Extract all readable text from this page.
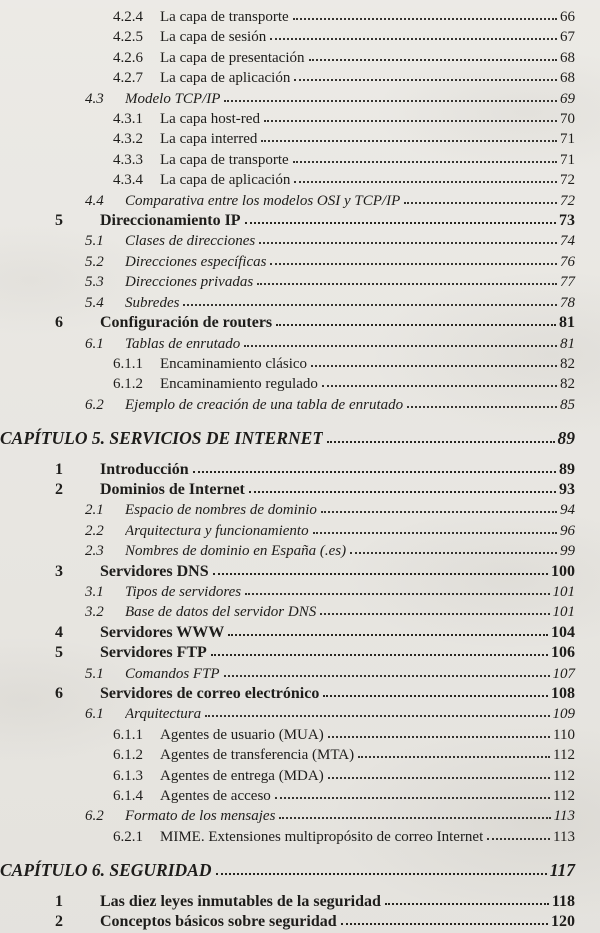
4.2.4	La capa de transporte	66
4.2.5	La capa de sesión	67
4.2.6	La capa de presentación	68
4.2.7	La capa de aplicación	68
4.3	Modelo TCP/IP	69
4.3.1	La capa host-red	70
4.3.2	La capa interred	71
4.3.3	La capa de transporte	71
4.3.4	La capa de aplicación	72
4.4	Comparativa entre los modelos OSI y TCP/IP	72
5	Direccionamiento IP	73
5.1	Clases de direcciones	74
5.2	Direcciones específicas	76
5.3	Direcciones privadas	77
5.4	Subredes	78
6	Configuración de routers	81
6.1	Tablas de enrutado	81
6.1.1	Encaminamiento clásico	82
6.1.2	Encaminamiento regulado	82
6.2	Ejemplo de creación de una tabla de enrutado	85
CAPÍTULO 5. SERVICIOS DE INTERNET	89
1	Introducción	89
2	Dominios de Internet	93
2.1	Espacio de nombres de dominio	94
2.2	Arquitectura y funcionamiento	96
2.3	Nombres de dominio en España (.es)	99
3	Servidores DNS	100
3.1	Tipos de servidores	101
3.2	Base de datos del servidor DNS	101
4	Servidores WWW	104
5	Servidores FTP	106
5.1	Comandos FTP	107
6	Servidores de correo electrónico	108
6.1	Arquitectura	109
6.1.1	Agentes de usuario (MUA)	110
6.1.2	Agentes de transferencia (MTA)	112
6.1.3	Agentes de entrega (MDA)	112
6.1.4	Agentes de acceso	112
6.2	Formato de los mensajes	113
6.2.1	MIME. Extensiones multipropósito de correo Internet	113
CAPÍTULO 6. SEGURIDAD	117
1	Las diez leyes inmutables de la seguridad	118
2	Conceptos básicos sobre seguridad	120
